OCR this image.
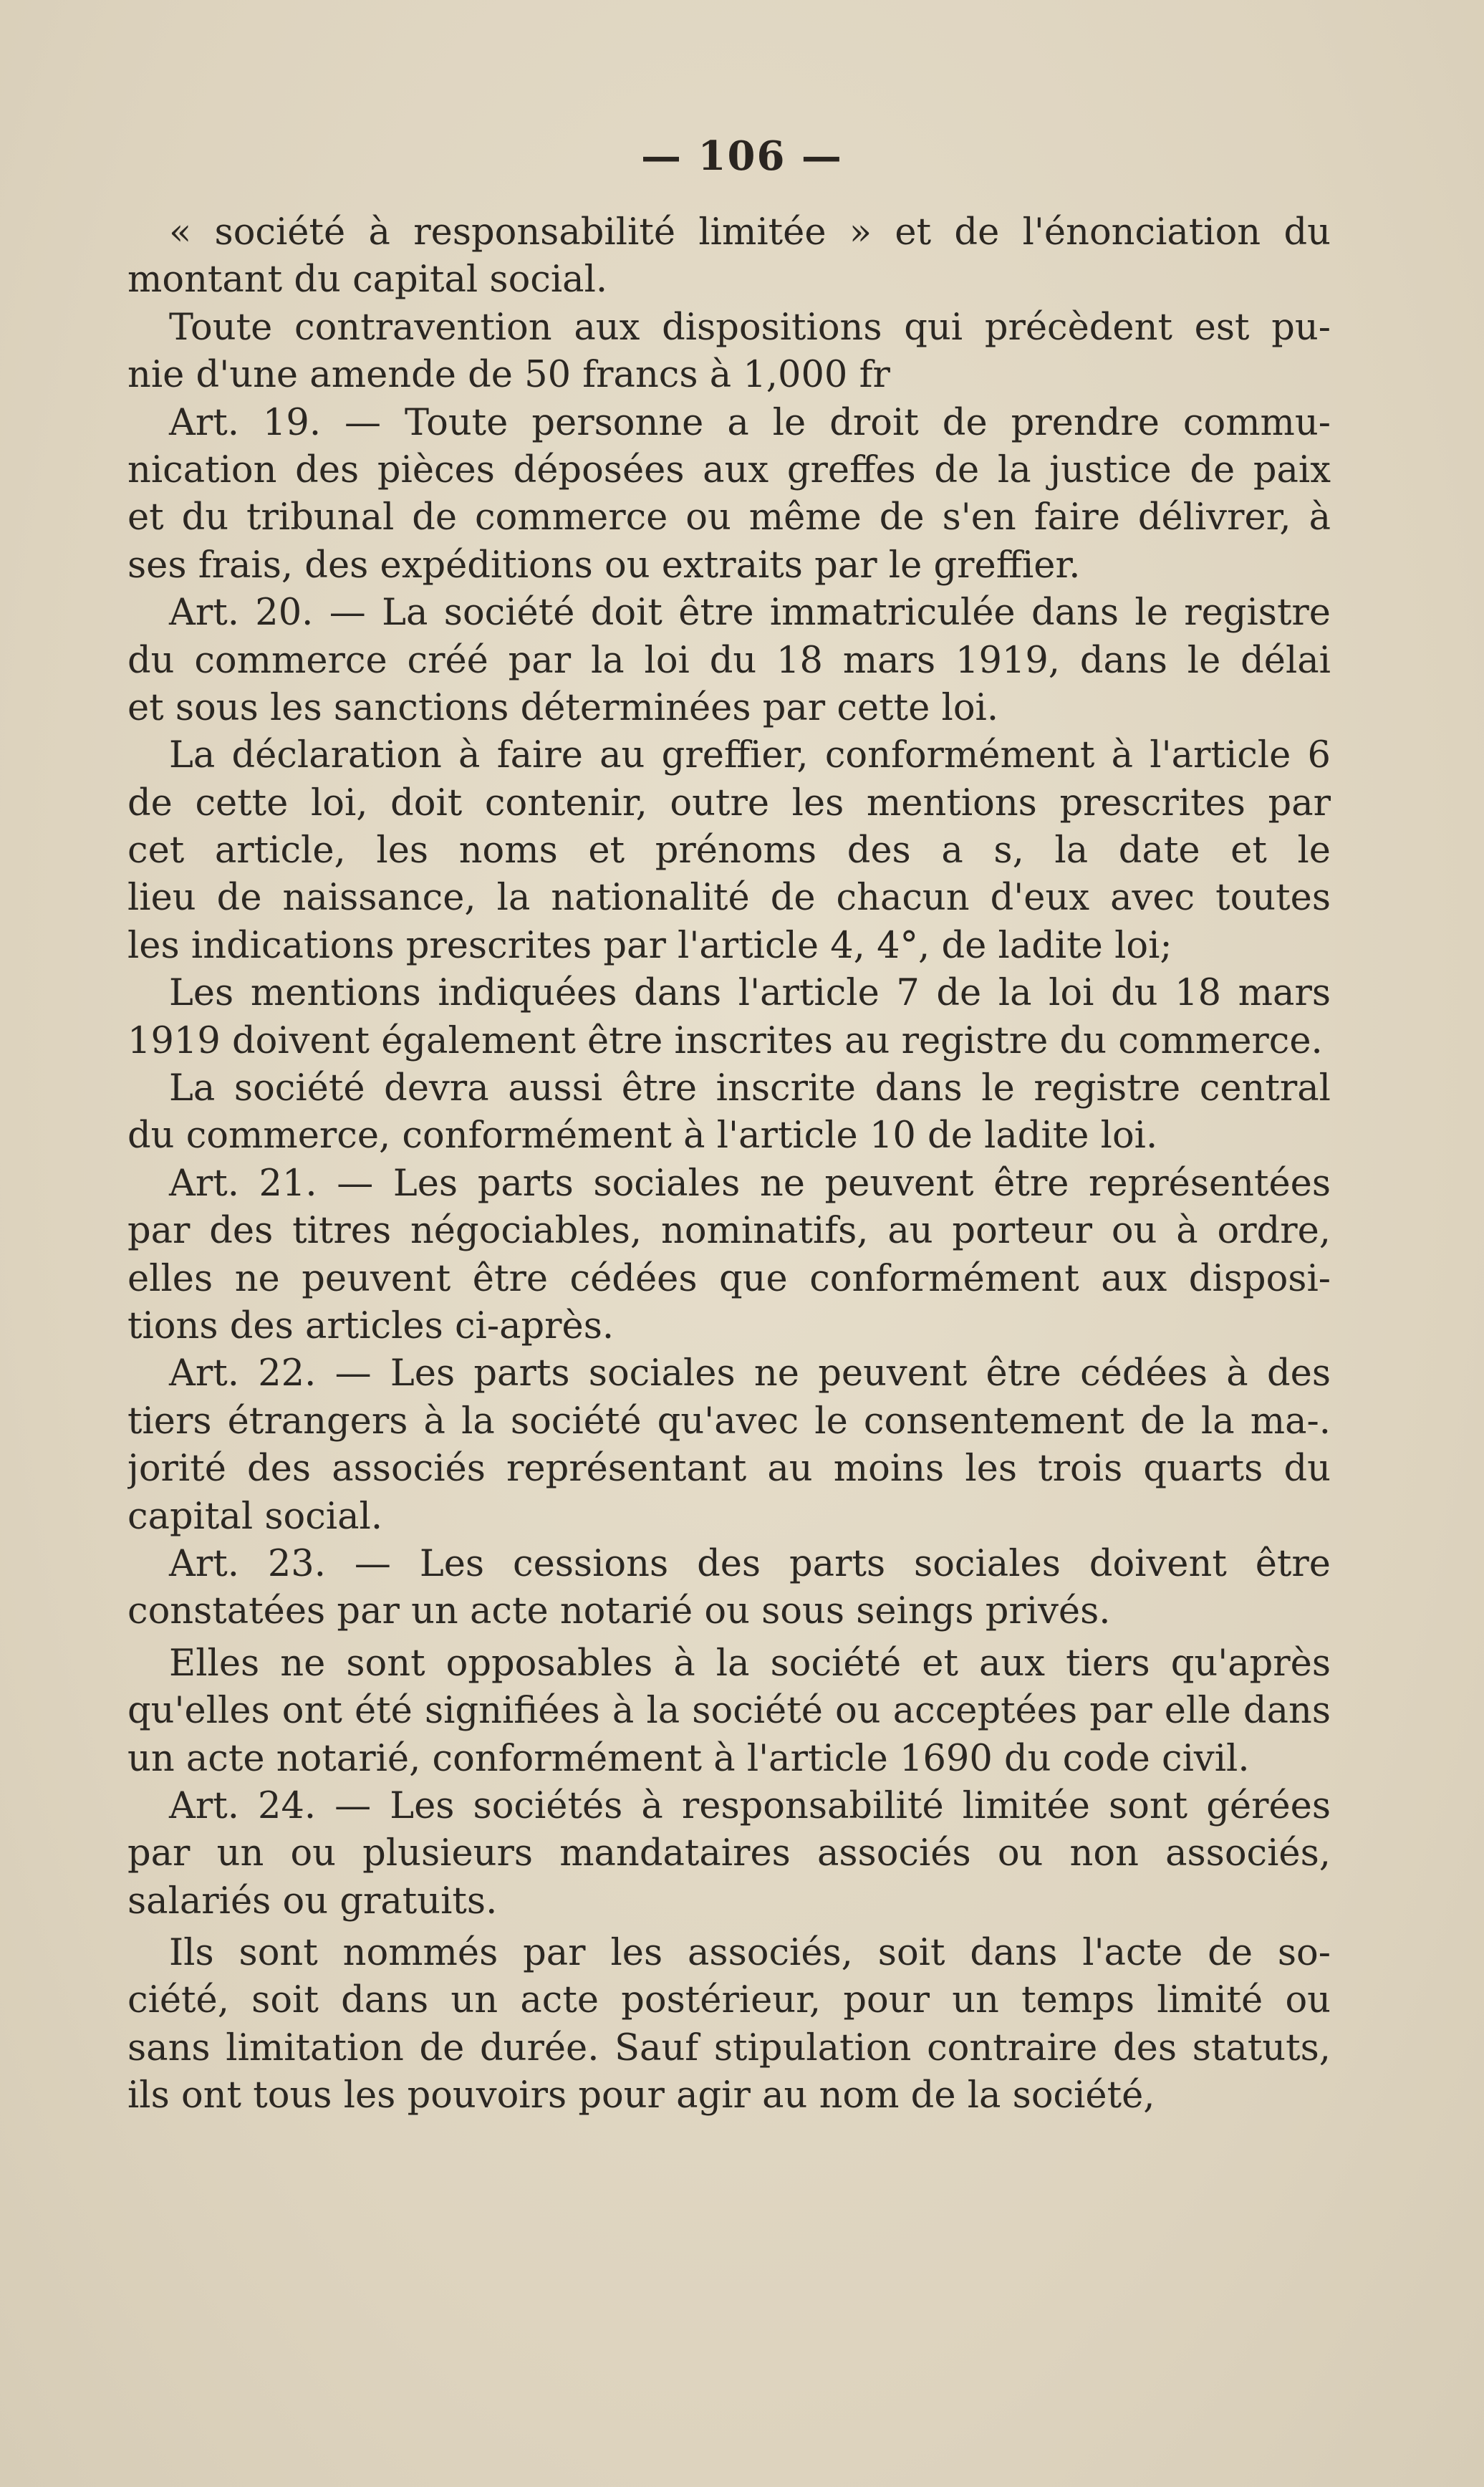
— 106 —
« société à responsabilité limitée » et de l'énonciation du
montant du capital social.
Toute contravention aux dispositions qui précèdent est pu-
nie d'une amende de 50 francs à 1,000 fr
Art. 19. — Toute personne a le droit de prendre commu-
nication des pièces déposées aux greffes de la justice de paix
et du tribunal de commerce ou même de s'en faire délivrer, à
ses frais, des expéditions ou extraits par le greffier.
Art. 20. — La société doit être immatriculée dans le registre
du commerce créé par la loi du 18 mars 1919, dans le délai
et sous les sanctions déterminées par cette loi.
La déclaration à faire au greffier, conformément à l'article 6
de cette loi, doit contenir, outre les mentions prescrites par
cet article, les noms et prénoms des a s, la date et le
lieu de naissance, la nationalité de chacun d'eux avec toutes
les indications prescrites par l'article 4, 4°, de ladite loi;
Les mentions indiquées dans l'article 7 de la loi du 18 mars
1919 doivent également être inscrites au registre du commerce.
La société devra aussi être inscrite dans le registre central
du commerce, conformément à l'article 10 de ladite loi.
Art. 21. — Les parts sociales ne peuvent être représentées
par des titres négociables, nominatifs, au porteur ou à ordre,
elles ne peuvent être cédées que conformément aux disposi-
tions des articles ci-après.
Art. 22. — Les parts sociales ne peuvent être cédées à des
tiers étrangers à la société qu'avec le consentement de la ma-.
jorité des associés représentant au moins les trois quarts du
capital social.
Art. 23. — Les cessions des parts sociales doivent être
constatées par un acte notarié ou sous seings privés.
Elles ne sont opposables à la société et aux tiers qu'après
qu'elles ont été signifiées à la société ou acceptées par elle dans
un acte notarié, conformément à l'article 1690 du code civil.
Art. 24. — Les sociétés à responsabilité limitée sont gérées
par un ou plusieurs mandataires associés ou non associés,
salariés ou gratuits.
Ils sont nommés par les associés, soit dans l'acte de so-
ciété, soit dans un acte postérieur, pour un temps limité ou
sans limitation de durée. Sauf stipulation contraire des statuts,
ils ont tous les pouvoirs pour agir au nom de la société,
